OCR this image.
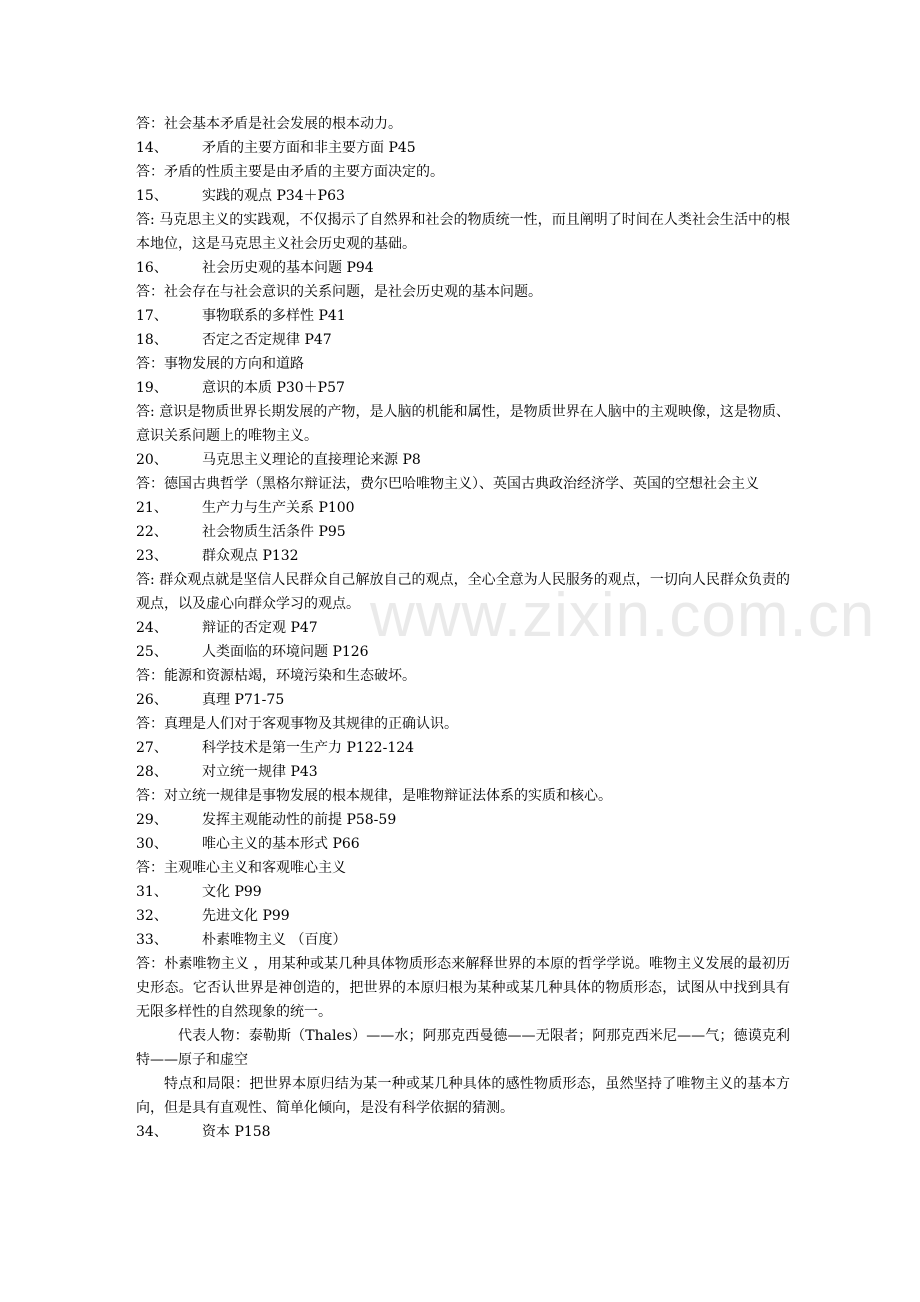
www.zixin.com.cn
答：社会基本矛盾是社会发展的根本动力。
14、	矛盾的主要方面和非主要方面 P45
答：矛盾的性质主要是由矛盾的主要方面决定的。
15、	实践的观点 P34＋P63
答: 马克思主义的实践观，不仅揭示了自然界和社会的物质统一性，而且阐明了时间在人类社会生活中的根本地位，这是马克思主义社会历史观的基础。
16、	社会历史观的基本问题 P94
答：社会存在与社会意识的关系问题，是社会历史观的基本问题。
17、	事物联系的多样性 P41
18、	否定之否定规律 P47
答：事物发展的方向和道路
19、	意识的本质 P30＋P57
答: 意识是物质世界长期发展的产物，是人脑的机能和属性，是物质世界在人脑中的主观映像，这是物质、意识关系问题上的唯物主义。
20、	马克思主义理论的直接理论来源 P8
答：德国古典哲学（黑格尔辩证法，费尔巴哈唯物主义）、英国古典政治经济学、英国的空想社会主义
21、	生产力与生产关系 P100
22、	社会物质生活条件 P95
23、	群众观点 P132
答: 群众观点就是坚信人民群众自己解放自己的观点，全心全意为人民服务的观点，一切向人民群众负责的观点，以及虚心向群众学习的观点。
24、	辩证的否定观 P47
25、	人类面临的环境问题 P126
答：能源和资源枯竭，环境污染和生态破坏。
26、	真理 P71-75
答：真理是人们对于客观事物及其规律的正确认识。
27、	科学技术是第一生产力 P122-124
28、	对立统一规律 P43
答：对立统一规律是事物发展的根本规律，是唯物辩证法体系的实质和核心。
29、	发挥主观能动性的前提 P58-59
30、	唯心主义的基本形式 P66
答：主观唯心主义和客观唯心主义
31、	文化 P99
32、	先进文化 P99
33、	朴素唯物主义 （百度）
答：朴素唯物主义 ，用某种或某几种具体物质形态来解释世界的本原的哲学学说。唯物主义发展的最初历史形态。它否认世界是神创造的，把世界的本原归根为某种或某几种具体的物质形态，试图从中找到具有无限多样性的自然现象的统一。
代表人物：泰勒斯（Thales）——水；阿那克西曼德——无限者；阿那克西米尼——气；德谟克利特——原子和虚空
特点和局限：把世界本原归结为某一种或某几种具体的感性物质形态，虽然坚持了唯物主义的基本方向，但是具有直观性、简单化倾向，是没有科学依据的猜测。
34、	资本 P158
